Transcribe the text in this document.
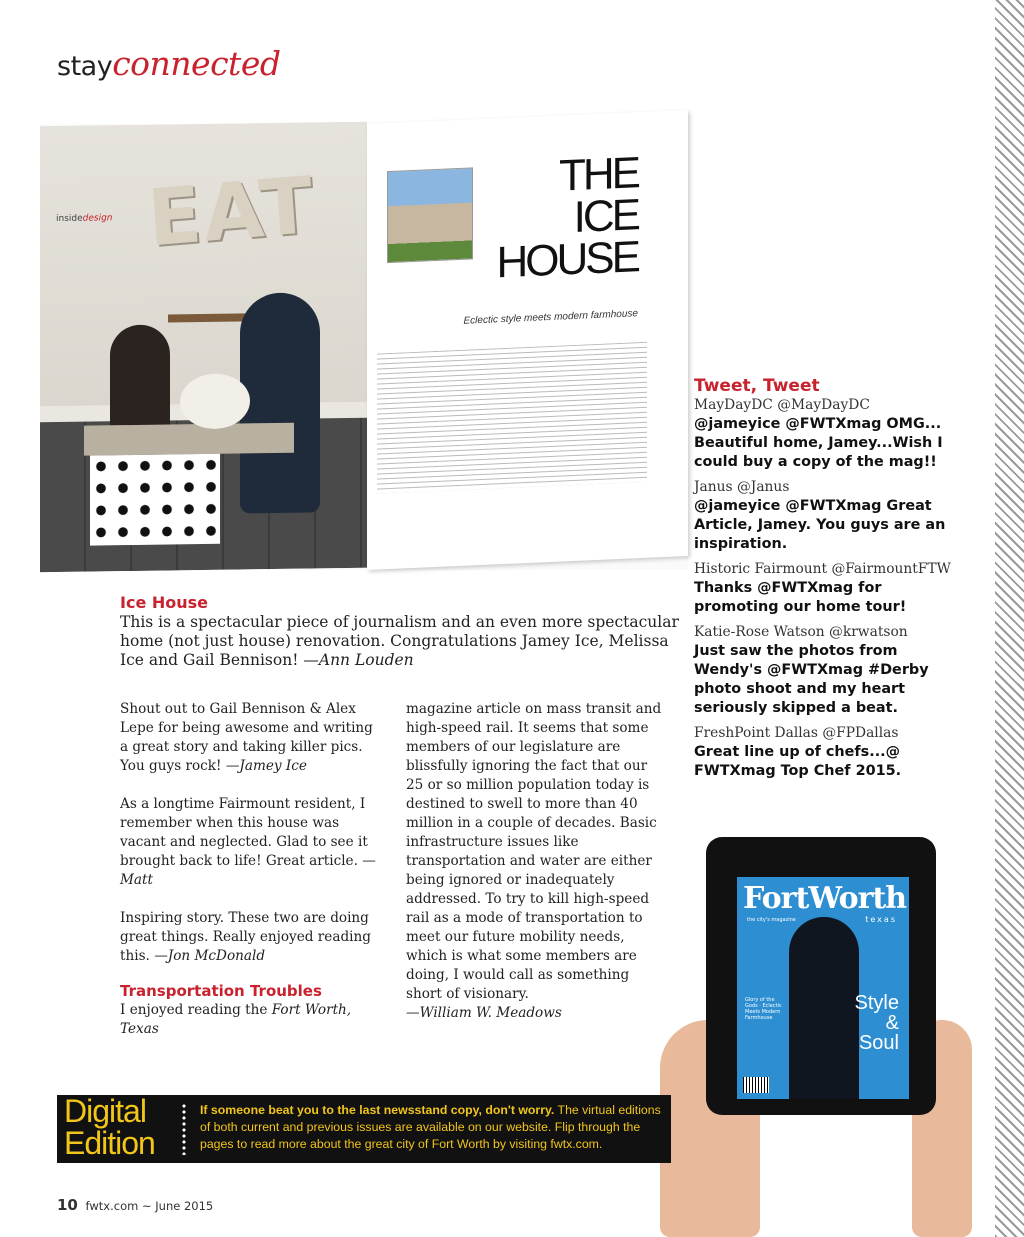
stayconnected
EAT
insidedesign
THE
ICE
HOUSE
Eclectic style meets modern farmhouse
Ice House
This is a spectacular piece of journalism and an even more spectacular home (not just house) renovation. Congratulations Jamey Ice, Melissa Ice and Gail Bennison! —Ann Louden

Shout out to Gail Bennison & Alex Lepe for being awesome and writing a great story and taking killer pics. You guys rock! —Jamey Ice

As a longtime Fairmount resident, I remember when this house was vacant and neglected. Glad to see it brought back to life! Great article. —Matt

Inspiring story. These two are doing great things. Really enjoyed reading this. —Jon McDonald

Transportation Troubles
I enjoyed reading the Fort Worth, Texas
magazine article on mass transit and high-speed rail. It seems that some members of our legislature are blissfully ignoring the fact that our 25 or so million population today is destined to swell to more than 40 million in a couple of decades. Basic infrastructure issues like transportation and water are either being ignored or inadequately addressed. To try to kill high-speed rail as a mode of transportation to meet our future mobility needs, which is what some members are doing, I would call as something short of visionary.
—William W. Meadows
Tweet, Tweet
MayDayDC @MayDayDC
@jameyice @FWTXmag OMG... Beautiful home, Jamey...Wish I could buy a copy of the mag!!
Janus @Janus
@jameyice @FWTXmag Great Article, Jamey. You guys are an inspiration.
Historic Fairmount @FairmountFTW
Thanks @FWTXmag for promoting our home tour!
Katie-Rose Watson @krwatson
Just saw the photos from Wendy's @FWTXmag #Derby photo shoot and my heart seriously skipped a beat.
FreshPoint Dallas @FPDallas
Great line up of chefs...@ FWTXmag Top Chef 2015.
FortWorth
the city's magazine	texas
Glory of the Gods · Eclectic Meets Modern Farmhouse
Style
&
Soul
Digital
Edition
If someone beat you to the last newsstand copy, don't worry. The virtual editions of both current and previous issues are available on our website. Flip through the pages to read more about the great city of Fort Worth by visiting fwtx.com.
10 fwtx.com ~ June 2015
